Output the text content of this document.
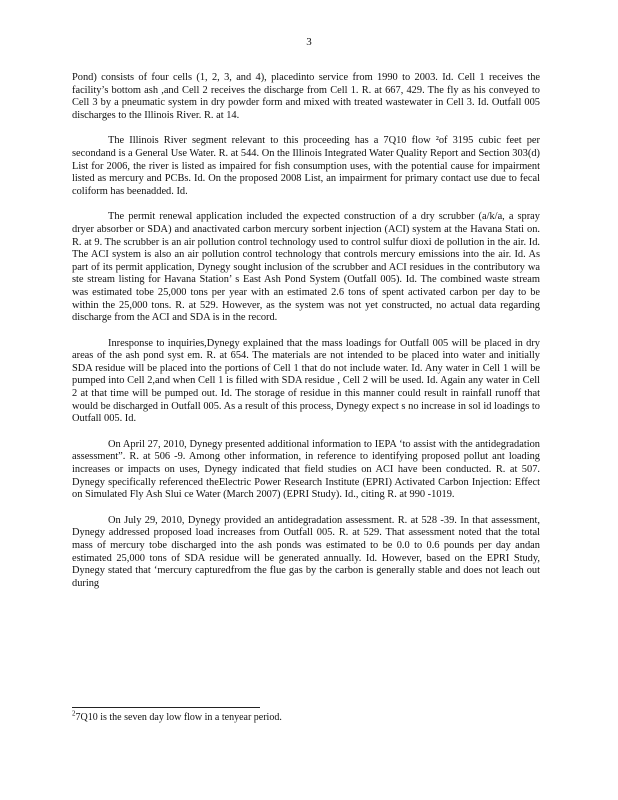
3

Pond) consists of four cells (1, 2, 3, and 4), placedinto service from 1990 to 2003. Id. Cell 1 receives the facility’s bottom ash ,and Cell 2 receives the discharge from Cell 1. R. at 667, 429. The fly as his conveyed to Cell 3 by a pneumatic system in dry powder form and mixed with treated wastewater in Cell 3. Id. Outfall 005 discharges to the Illinois River. R. at 14.

The Illinois River segment relevant to this proceeding has a 7Q10 flow ²of 3195 cubic feet per secondand is a General Use Water. R. at 544. On the Illinois Integrated Water Quality Report and Section 303(d) List for 2006, the river is listed as impaired for fish consumption uses, with the potential cause for impairment listed as mercury and PCBs. Id. On the proposed 2008 List, an impairment for primary contact use due to fecal coliform has beenadded. Id.

The permit renewal application included the expected construction of a dry scrubber (a/k/a, a spray dryer absorber or SDA) and anactivated carbon mercury sorbent injection (ACI) system at the Havana Stati on. R. at 9. The scrubber is an air pollution control technology used to control sulfur dioxi de pollution in the air. Id. The ACI system is also an air pollution control technology that controls mercury emissions into the air. Id. As part of its permit application, Dynegy sought inclusion of the scrubber and ACI residues in the contributory wa ste stream listing for Havana Station’ s East Ash Pond System (Outfall 005). Id. The combined waste stream was estimated tobe 25,000 tons per year with an estimated 2.6 tons of spent activated carbon per day to be within the 25,000 tons. R. at 529. However, as the system was not yet constructed, no actual data regarding discharge from the ACI and SDA is in the record.

Inresponse to inquiries,Dynegy explained that the mass loadings for Outfall 005 will be placed in dry areas of the ash pond syst em. R. at 654. The materials are not intended to be placed into water and initially SDA residue will be placed into the portions of Cell 1 that do not include water. Id. Any water in Cell 1 will be pumped into Cell 2,and when Cell 1 is filled with SDA residue , Cell 2 will be used. Id. Again any water in Cell 2 at that time will be pumped out. Id. The storage of residue in this manner could result in rainfall runoff that would be discharged in Outfall 005. As a result of this process, Dynegy expect s no increase in sol id loadings to Outfall 005. Id.

On April 27, 2010, Dynegy presented additional information to IEPA ‘to assist with the antidegradation assessment”. R. at 506 -9. Among other information, in reference to identifying proposed pollut ant loading increases or impacts on uses, Dynegy indicated that field studies on ACI have been conducted. R. at 507. Dynegy specifically referenced theElectric Power Research Institute (EPRI) Activated Carbon Injection: Effect on Simulated Fly Ash Slui ce Water (March 2007) (EPRI Study). Id., citing R. at 990 -1019.

On July 29, 2010, Dynegy provided an antidegradation assessment. R. at 528 -39. In that assessment, Dynegy addressed proposed load increases from Outfall 005. R. at 529. That assessment noted that the total mass of mercury tobe discharged into the ash ponds was estimated to be 0.0 to 0.6 pounds per day andan estimated 25,000 tons of SDA residue will be generated annually. Id. However, based on the EPRI Study, Dynegy stated that ‘mercury capturedfrom the flue gas by the carbon is generally stable and does not leach out during

$^2$7Q10 is the seven day low flow in a tenyear period.
